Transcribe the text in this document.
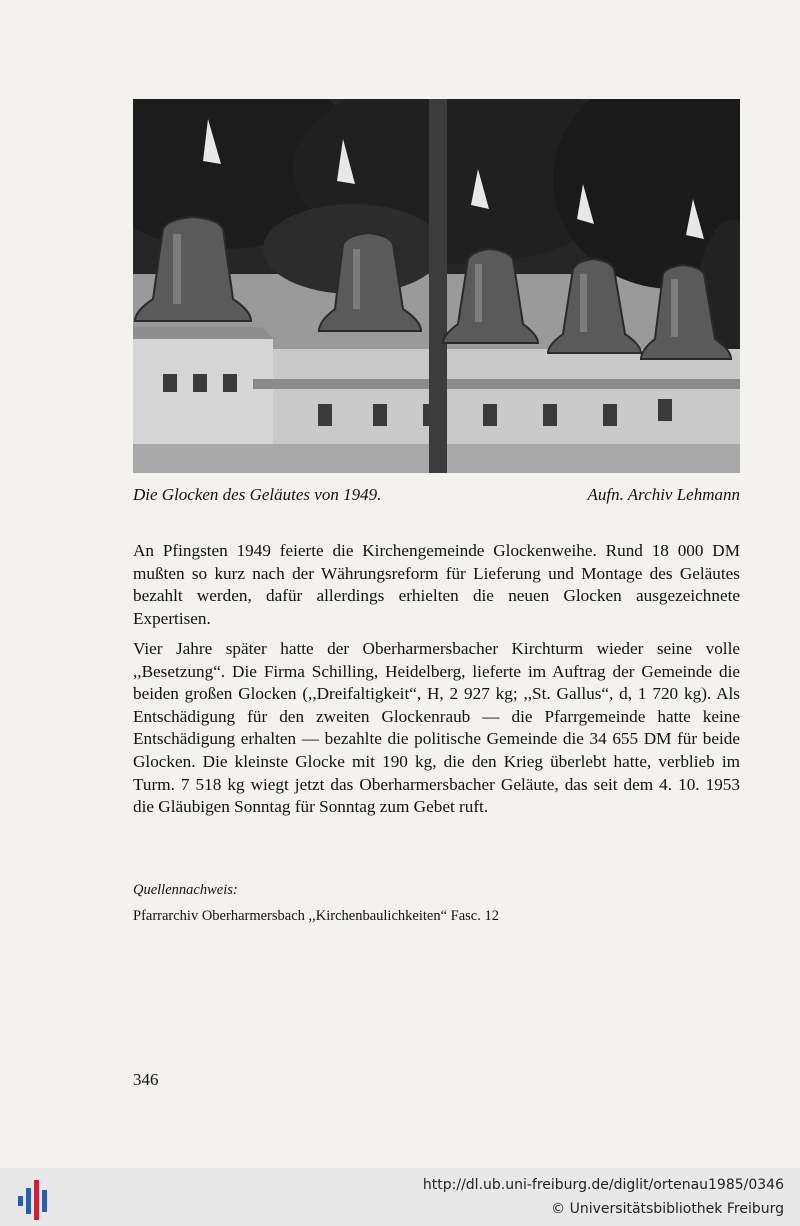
Die Glocken des Geläutes von 1949.	Aufn. Archiv Lehmann

An Pfingsten 1949 feierte die Kirchengemeinde Glockenweihe. Rund 18 000 DM mußten so kurz nach der Währungsreform für Lieferung und Montage des Geläutes bezahlt werden, dafür allerdings erhielten die neuen Glocken ausgezeichnete Expertisen.

Vier Jahre später hatte der Oberharmersbacher Kirchturm wieder seine volle ,,Besetzung“. Die Firma Schilling, Heidelberg, lieferte im Auftrag der Gemeinde die beiden großen Glocken (,,Dreifaltigkeit“, H, 2 927 kg; ,,St. Gallus“, d, 1 720 kg). Als Entschädigung für den zweiten Glockenraub — die Pfarrgemeinde hatte keine Entschädigung erhalten — bezahlte die politische Gemeinde die 34 655 DM für beide Glocken. Die kleinste Glocke mit 190 kg, die den Krieg überlebt hatte, verblieb im Turm. 7 518 kg wiegt jetzt das Oberharmersbacher Geläute, das seit dem 4. 10. 1953 die Gläubigen Sonntag für Sonntag zum Gebet ruft.

Quellennachweis:
Pfarrarchiv Oberharmersbach ,,Kirchenbaulichkeiten“ Fasc. 12
346
http://dl.ub.uni-freiburg.de/diglit/ortenau1985/0346
© Universitätsbibliothek Freiburg
